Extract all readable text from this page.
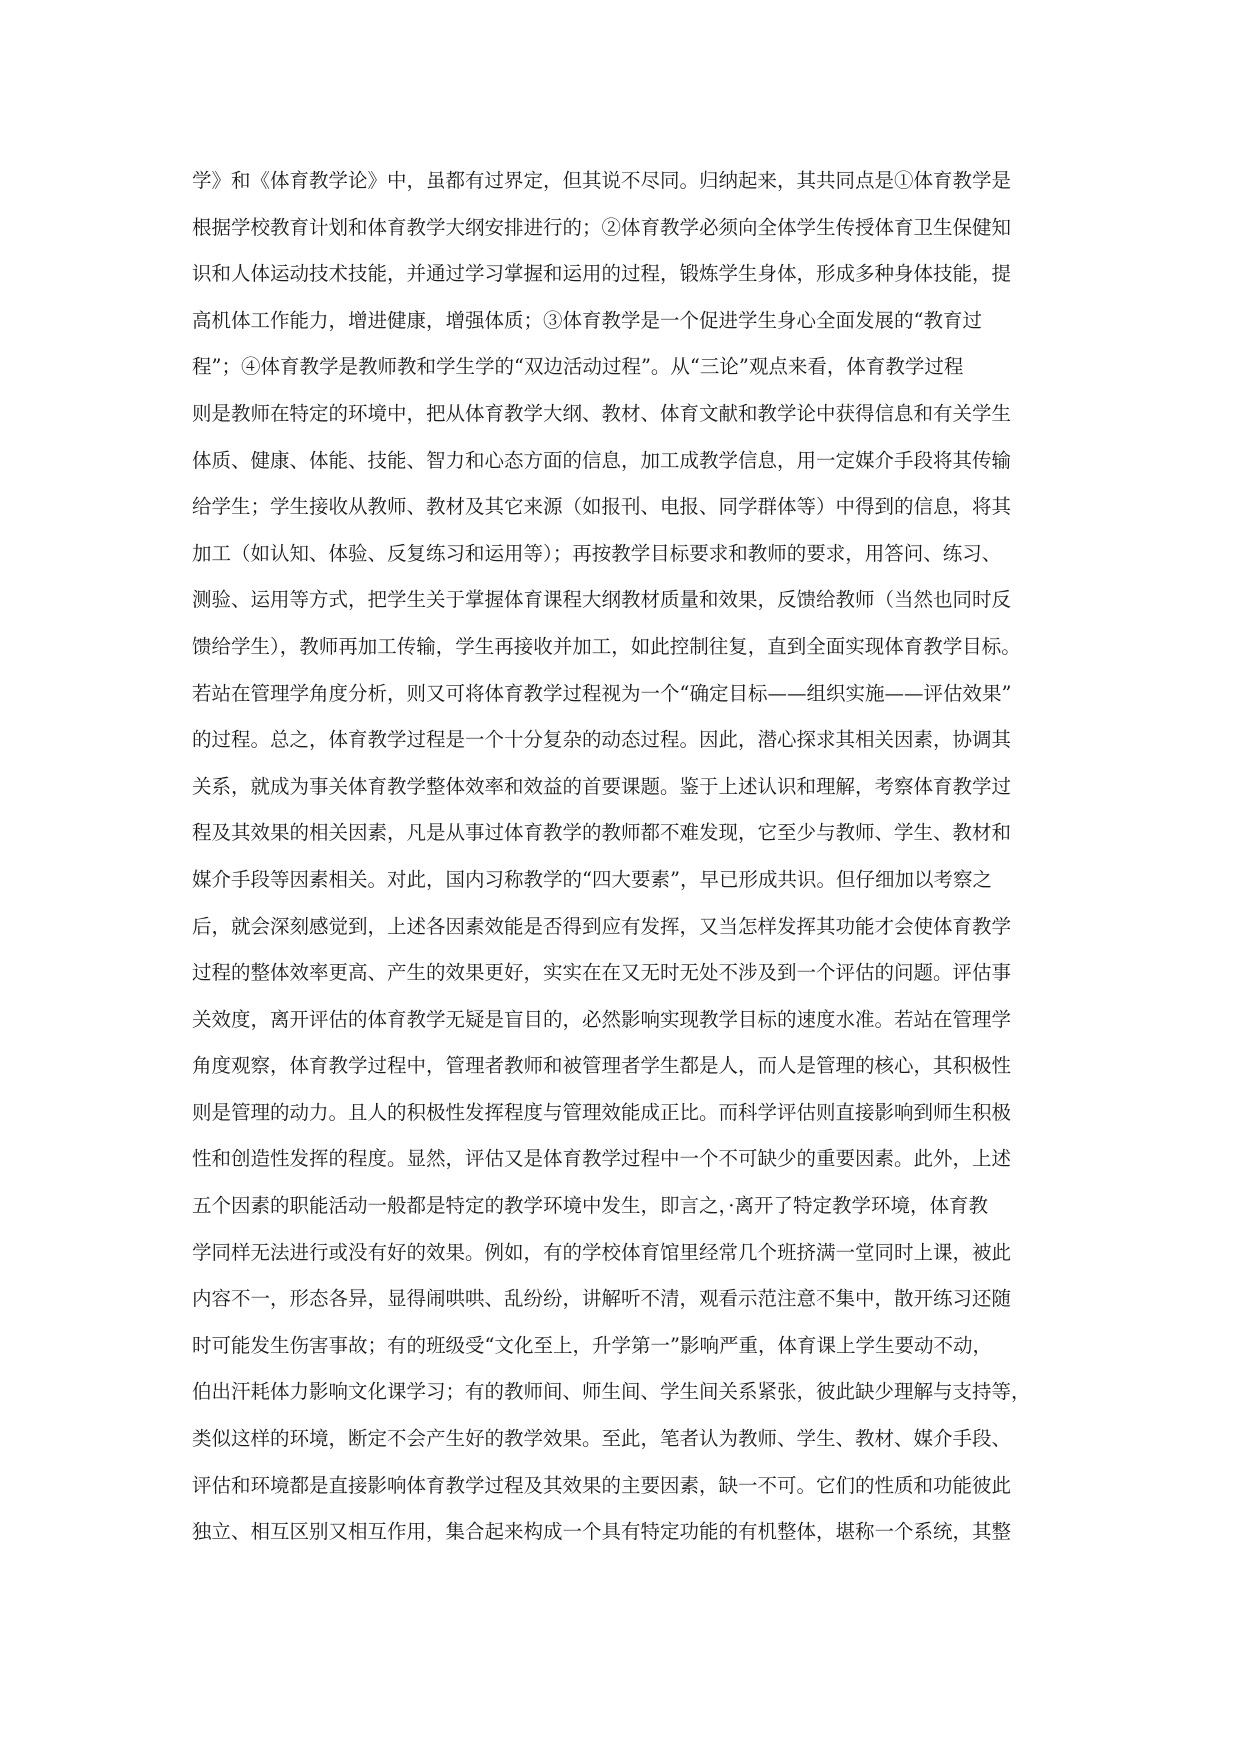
学》和《体育教学论》中，虽都有过界定，但其说不尽同。归纳起来，其共同点是①体育教学是
根据学校教育计划和体育教学大纲安排进行的；②体育教学必须向全体学生传授体育卫生保健知
识和人体运动技术技能，并通过学习掌握和运用的过程，锻炼学生身体，形成多种身体技能，提
高机体工作能力，增进健康，增强体质；③体育教学是一个促进学生身心全面发展的“教育过
程”；④体育教学是教师教和学生学的“双边活动过程”。从“三论”观点来看，体育教学过程
则是教师在特定的环境中，把从体育教学大纲、教材、体育文献和教学论中获得信息和有关学生
体质、健康、体能、技能、智力和心态方面的信息，加工成教学信息，用一定媒介手段将其传输
给学生；学生接收从教师、教材及其它来源（如报刊、电报、同学群体等）中得到的信息，将其
加工（如认知、体验、反复练习和运用等）；再按教学目标要求和教师的要求，用答问、练习、
测验、运用等方式，把学生关于掌握体育课程大纲教材质量和效果，反馈给教师（当然也同时反
馈给学生），教师再加工传输，学生再接收并加工，如此控制往复，直到全面实现体育教学目标。
若站在管理学角度分析，则又可将体育教学过程视为一个“确定目标——组织实施——评估效果”
的过程。总之，体育教学过程是一个十分复杂的动态过程。因此，潜心探求其相关因素，协调其
关系，就成为事关体育教学整体效率和效益的首要课题。鉴于上述认识和理解，考察体育教学过
程及其效果的相关因素，凡是从事过体育教学的教师都不难发现，它至少与教师、学生、教材和
媒介手段等因素相关。对此，国内习称教学的“四大要素”，早已形成共识。但仔细加以考察之
后，就会深刻感觉到，上述各因素效能是否得到应有发挥，又当怎样发挥其功能才会使体育教学
过程的整体效率更高、产生的效果更好，实实在在又无时无处不涉及到一个评估的问题。评估事
关效度，离开评估的体育教学无疑是盲目的，必然影响实现教学目标的速度水准。若站在管理学
角度观察，体育教学过程中，管理者教师和被管理者学生都是人，而人是管理的核心，其积极性
则是管理的动力。且人的积极性发挥程度与管理效能成正比。而科学评估则直接影响到师生积极
性和创造性发挥的程度。显然，评估又是体育教学过程中一个不可缺少的重要因素。此外，上述
五个因素的职能活动一般都是特定的教学环境中发生，即言之，·离开了特定教学环境，体育教
学同样无法进行或没有好的效果。例如，有的学校体育馆里经常几个班挤满一堂同时上课，被此
内容不一，形态各异，显得闹哄哄、乱纷纷，讲解听不清，观看示范注意不集中，散开练习还随
时可能发生伤害事故；有的班级受“文化至上，升学第一”影响严重，体育课上学生要动不动，
伯出汗耗体力影响文化课学习；有的教师间、师生间、学生间关系紧张，彼此缺少理解与支持等，
类似这样的环境，断定不会产生好的教学效果。至此，笔者认为教师、学生、教材、媒介手段、
评估和环境都是直接影响体育教学过程及其效果的主要因素，缺一不可。它们的性质和功能彼此
独立、相互区别又相互作用，集合起来构成一个具有特定功能的有机整体，堪称一个系统，其整
